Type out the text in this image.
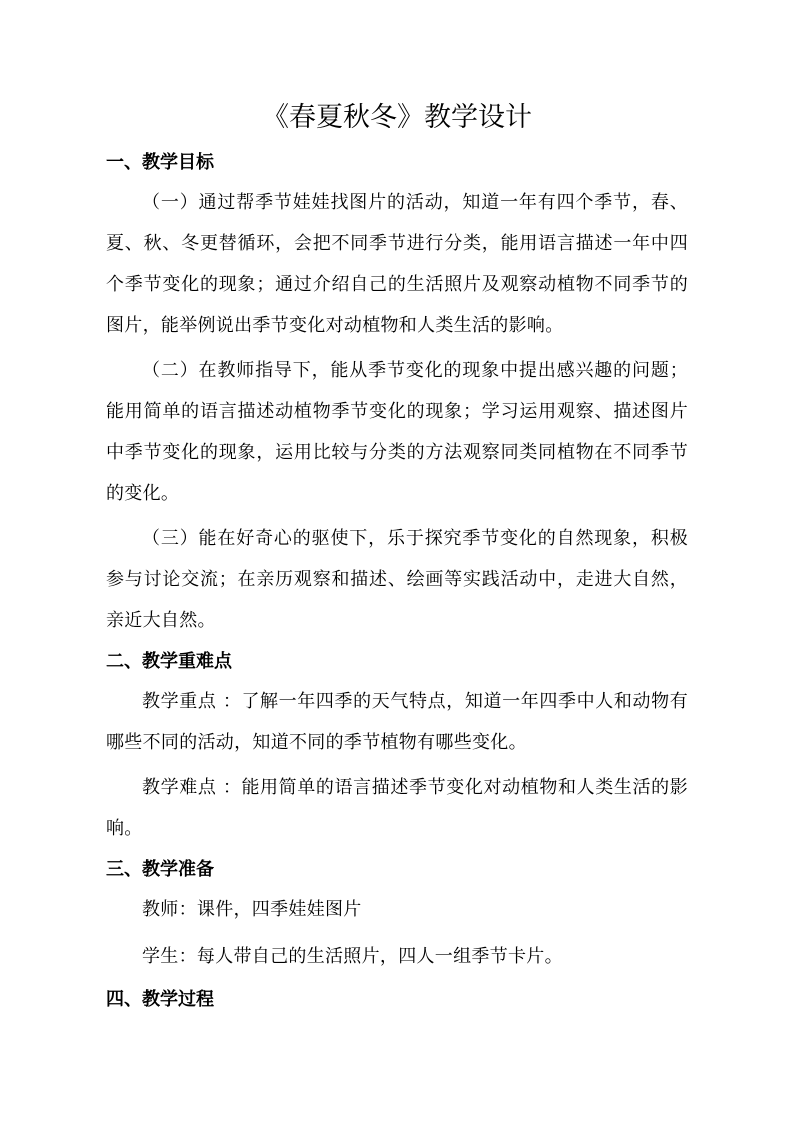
《春夏秋冬》教学设计
一、教学目标

（一）通过帮季节娃娃找图片的活动，知道一年有四个季节，春、夏、秋、冬更替循环，会把不同季节进行分类，能用语言描述一年中四个季节变化的现象；通过介绍自己的生活照片及观察动植物不同季节的图片，能举例说出季节变化对动植物和人类生活的影响。

（二）在教师指导下，能从季节变化的现象中提出感兴趣的问题；能用简单的语言描述动植物季节变化的现象；学习运用观察、描述图片中季节变化的现象，运用比较与分类的方法观察同类同植物在不同季节的变化。

（三）能在好奇心的驱使下，乐于探究季节变化的自然现象，积极参与讨论交流；在亲历观察和描述、绘画等实践活动中，走进大自然，亲近大自然。

二、教学重难点

教学重点 ：了解一年四季的天气特点，知道一年四季中人和动物有哪些不同的活动，知道不同的季节植物有哪些变化。

教学难点 ：能用简单的语言描述季节变化对动植物和人类生活的影响。

三、教学准备

教师：课件，四季娃娃图片

学生：每人带自己的生活照片，四人一组季节卡片。

四、教学过程
